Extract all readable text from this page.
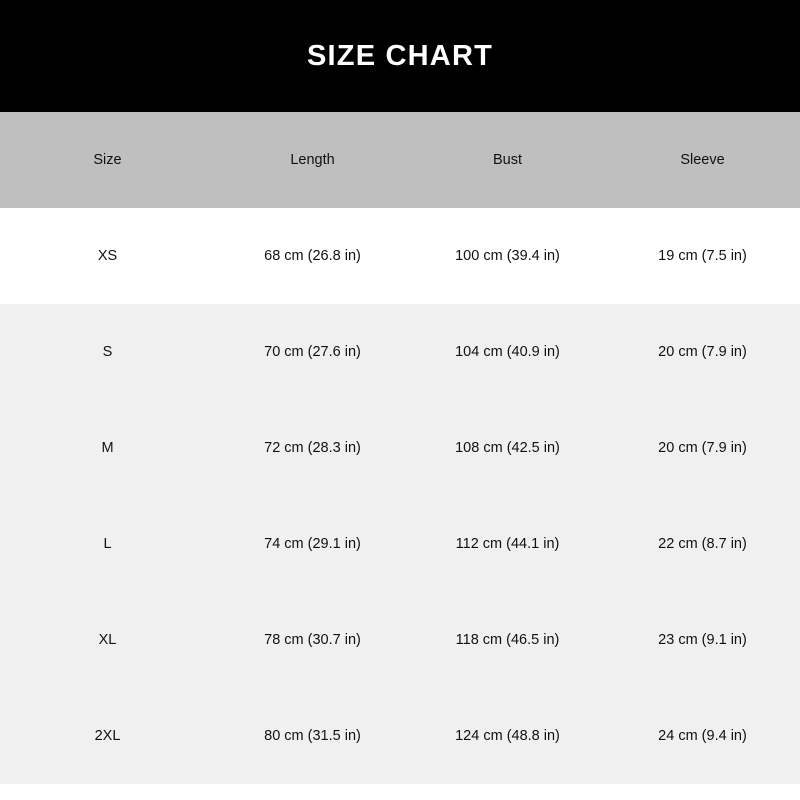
SIZE CHART
Size	Length	Bust	Sleeve
XS	68 cm (26.8 in)	100 cm (39.4 in)	19 cm (7.5 in)
S	70 cm (27.6 in)	104 cm (40.9 in)	20 cm (7.9 in)
M	72 cm (28.3 in)	108 cm (42.5 in)	20 cm (7.9 in)
L	74 cm (29.1 in)	112 cm (44.1 in)	22 cm (8.7 in)
XL	78 cm (30.7 in)	118 cm (46.5 in)	23 cm (9.1 in)
2XL	80 cm (31.5 in)	124 cm (48.8 in)	24 cm (9.4 in)
